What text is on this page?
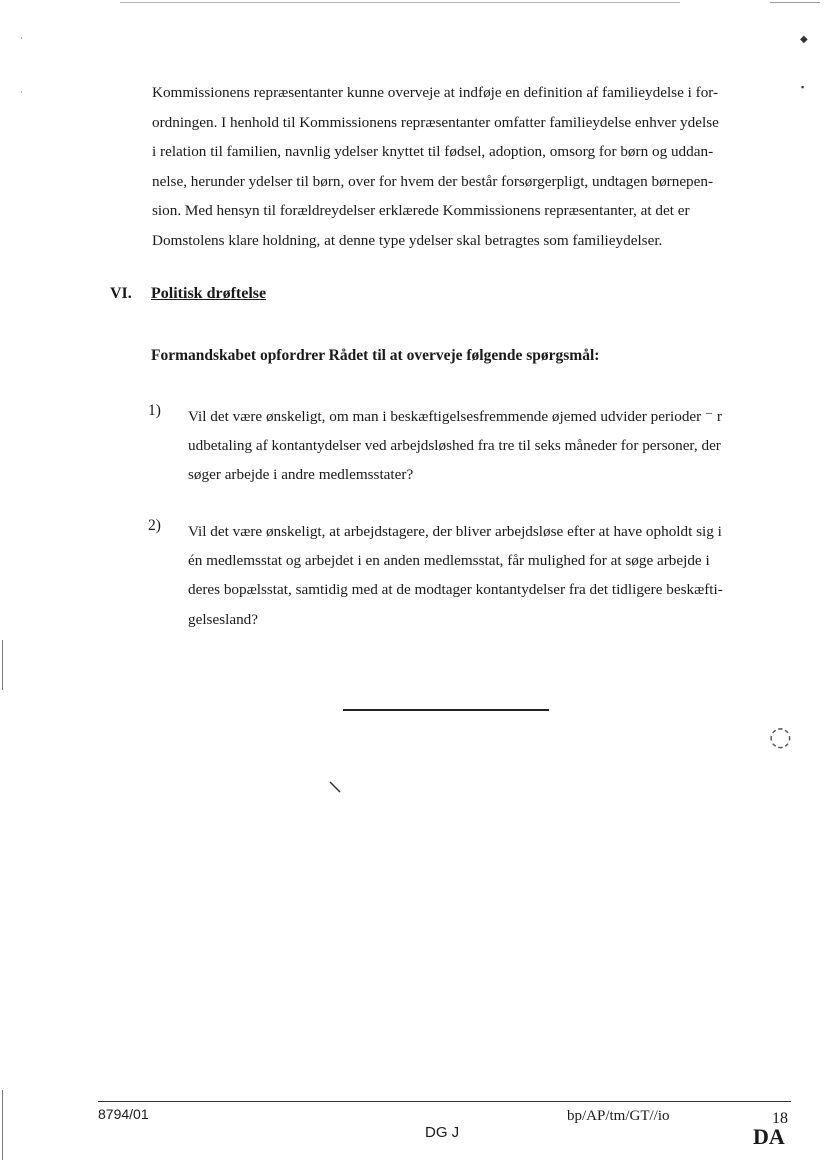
Kommissionens repræsentanter kunne overveje at indføje en definition af familieydelse i for-
ordningen. I henhold til Kommissionens repræsentanter omfatter familieydelse enhver ydelse
i relation til familien, navnlig ydelser knyttet til fødsel, adoption, omsorg for børn og uddan-
nelse, herunder ydelser til børn, over for hvem der består forsørgerpligt, undtagen børnepen-
sion. Med hensyn til forældreydelser erklærede Kommissionens repræsentanter, at det er
Domstolens klare holdning, at denne type ydelser skal betragtes som familieydelser.
VI. Politisk drøftelse
Formandskabet opfordrer Rådet til at overveje følgende spørgsmål:
1) Vil det være ønskeligt, om man i beskæftigelsesfremmende øjemed udvider perioder ⁻ r
udbetaling af kontantydelser ved arbejdsløshed fra tre til seks måneder for personer, der
søger arbejde i andre medlemsstater?
2) Vil det være ønskeligt, at arbejdstagere, der bliver arbejdsløse efter at have opholdt sig i
én medlemsstat og arbejdet i en anden medlemsstat, får mulighed for at søge arbejde i
deres bopælsstat, samtidig med at de modtager kontantydelser fra det tidligere beskæfti-
gelsesland?
·
·
◆
▪
◌
8794/01	bp/AP/tm/GT//io	18
DG J	DA
